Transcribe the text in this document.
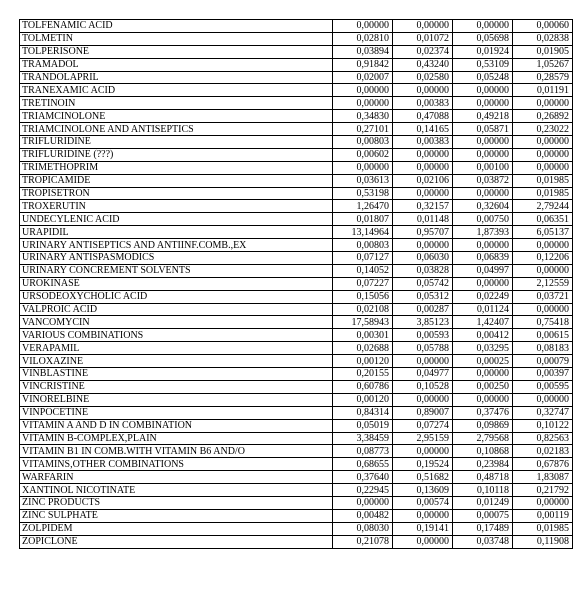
TOLFENAMIC ACID	0,00000	0,00000	0,00000	0,00060
TOLMETIN	0,02810	0,01072	0,05698	0,02838
TOLPERISONE	0,03894	0,02374	0,01924	0,01905
TRAMADOL	0,91842	0,43240	0,53109	1,05267
TRANDOLAPRIL	0,02007	0,02580	0,05248	0,28579
TRANEXAMIC ACID	0,00000	0,00000	0,00000	0,01191
TRETINOIN	0,00000	0,00383	0,00000	0,00000
TRIAMCINOLONE	0,34830	0,47088	0,49218	0,26892
TRIAMCINOLONE AND ANTISEPTICS	0,27101	0,14165	0,05871	0,23022
TRIFLURIDINE	0,00803	0,00383	0,00000	0,00000
TRIFLURIDINE (???)	0,00602	0,00000	0,00000	0,00000
TRIMETHOPRIM	0,00000	0,00000	0,00100	0,00000
TROPICAMIDE	0,03613	0,02106	0,03872	0,01985
TROPISETRON	0,53198	0,00000	0,00000	0,01985
TROXERUTIN	1,26470	0,32157	0,32604	2,79244
UNDECYLENIC ACID	0,01807	0,01148	0,00750	0,06351
URAPIDIL	13,14964	0,95707	1,87393	6,05137
URINARY ANTISEPTICS AND ANTIINF.COMB.,EX	0,00803	0,00000	0,00000	0,00000
URINARY ANTISPASMODICS	0,07127	0,06030	0,06839	0,12206
URINARY CONCREMENT SOLVENTS	0,14052	0,03828	0,04997	0,00000
UROKINASE	0,07227	0,05742	0,00000	2,12559
URSODEOXYCHOLIC ACID	0,15056	0,05312	0,02249	0,03721
VALPROIC ACID	0,02108	0,00287	0,01124	0,00000
VANCOMYCIN	17,58943	3,85123	1,42407	0,75418
VARIOUS COMBINATIONS	0,00301	0,00593	0,00412	0,00615
VERAPAMIL	0,02688	0,05788	0,03295	0,08183
VILOXAZINE	0,00120	0,00000	0,00025	0,00079
VINBLASTINE	0,20155	0,04977	0,00000	0,00397
VINCRISTINE	0,60786	0,10528	0,00250	0,00595
VINORELBINE	0,00120	0,00000	0,00000	0,00000
VINPOCETINE	0,84314	0,89007	0,37476	0,32747
VITAMIN A AND D IN COMBINATION	0,05019	0,07274	0,09869	0,10122
VITAMIN B-COMPLEX,PLAIN	3,38459	2,95159	2,79568	0,82563
VITAMIN B1 IN COMB.WITH VITAMIN B6 AND/O	0,08773	0,00000	0,10868	0,02183
VITAMINS,OTHER COMBINATIONS	0,68655	0,19524	0,23984	0,67876
WARFARIN	0,37640	0,51682	0,48718	1,83087
XANTINOL NICOTINATE	0,22945	0,13609	0,10118	0,21792
ZINC PRODUCTS	0,00000	0,00574	0,01249	0,00000
ZINC SULPHATE	0,00482	0,00000	0,00075	0,00119
ZOLPIDEM	0,08030	0,19141	0,17489	0,01985
ZOPICLONE	0,21078	0,00000	0,03748	0,11908
